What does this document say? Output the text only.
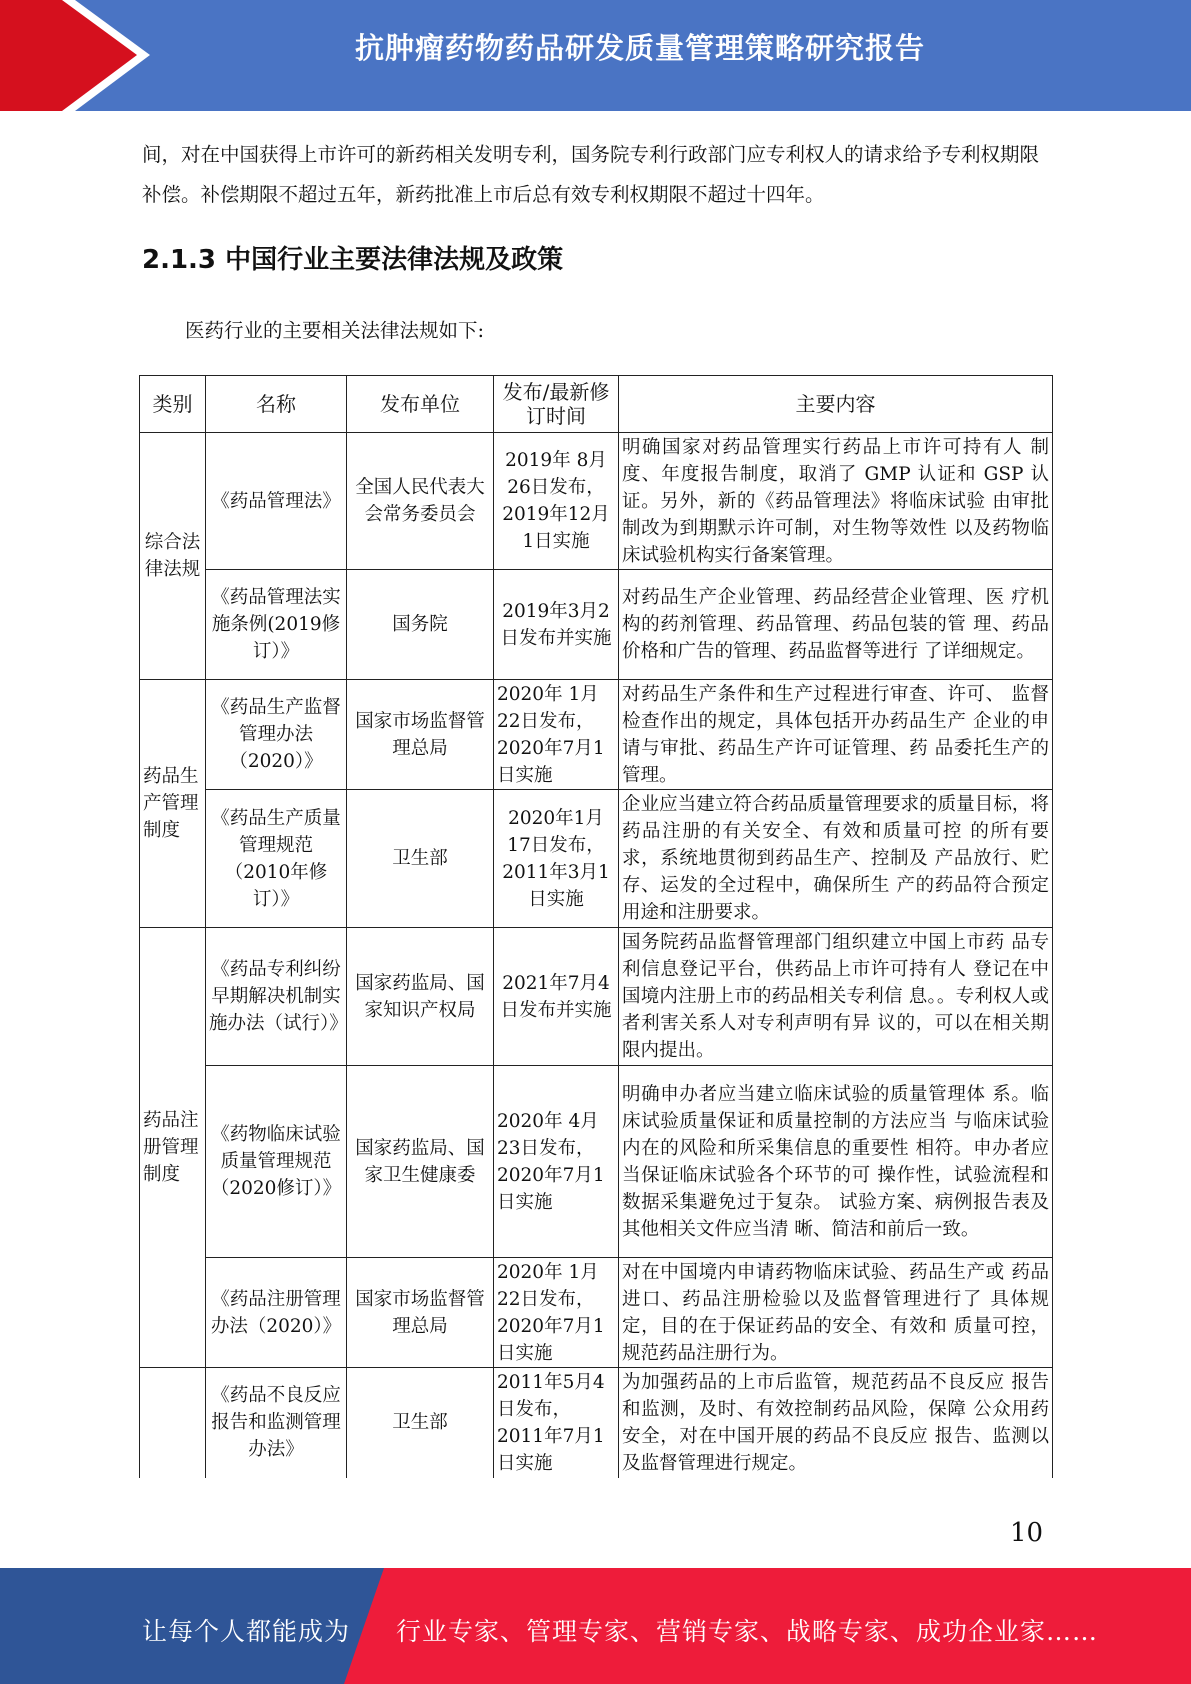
抗肿瘤药物药品研发质量管理策略研究报告
间，对在中国获得上市许可的新药相关发明专利，国务院专利行政部门应专利权人的请求给予专利权期限补偿。补偿期限不超过五年，新药批准上市后总有效专利权期限不超过十四年。
2.1.3 中国行业主要法律法规及政策
医药行业的主要相关法律法规如下:
类别	名称	发布单位	发布/最新修订时间	主要内容
综合法律法规	《药品管理法》	全国人民代表大会常务委员会	2019年 8月26日发布，2019年12月1日实施	明确国家对药品管理实行药品上市许可持有人 制度、年度报告制度，取消了 GMP 认证和 GSP 认证。另外，新的《药品管理法》将临床试验 由审批制改为到期默示许可制，对生物等效性 以及药物临床试验机构实行备案管理。
	《药品管理法实施条例(2019修订）》	国务院	2019年3月2日发布并实施	对药品生产企业管理、药品经营企业管理、医 疗机构的药剂管理、药品管理、药品包装的管 理、药品价格和广告的管理、药品监督等进行 了详细规定。
药品生产管理制度	《药品生产监督管理办法（2020）》	国家市场监督管理总局	2020年 1月22日发布，2020年7月1日实施	对药品生产条件和生产过程进行审查、许可、 监督检查作出的规定，具体包括开办药品生产 企业的申请与审批、药品生产许可证管理、药 品委托生产的管理。
	《药品生产质量管理规范（2010年修订）》	卫生部	2020年1月17日发布，2011年3月1日实施	企业应当建立符合药品质量管理要求的质量目标，将药品注册的有关安全、有效和质量可控 的所有要求，系统地贯彻到药品生产、控制及 产品放行、贮存、运发的全过程中，确保所生 产的药品符合预定用途和注册要求。
药品注册管理制度	《药品专利纠纷早期解决机制实施办法（试行）》	国家药监局、国家知识产权局	2021年7月4日发布并实施	国务院药品监督管理部门组织建立中国上市药 品专利信息登记平台，供药品上市许可持有人 登记在中国境内注册上市的药品相关专利信 息。。专利权人或者利害关系人对专利声明有异 议的，可以在相关期限内提出。
	《药物临床试验质量管理规范（2020修订）》	国家药监局、国家卫生健康委	2020年 4月23日发布，2020年7月1日实施	明确申办者应当建立临床试验的质量管理体 系。临床试验质量保证和质量控制的方法应当 与临床试验内在的风险和所采集信息的重要性 相符。申办者应当保证临床试验各个环节的可 操作性，试验流程和数据采集避免过于复杂。 试验方案、病例报告表及其他相关文件应当清 晰、简洁和前后一致。
	《药品注册管理办法（2020）》	国家市场监督管理总局	2020年 1月22日发布，2020年7月1日实施	对在中国境内申请药物临床试验、药品生产或 药品进口、药品注册检验以及监督管理进行了 具体规定，目的在于保证药品的安全、有效和 质量可控，规范药品注册行为。
	《药品不良反应报告和监测管理办法》	卫生部	2011年5月4日发布，2011年7月1日实施	为加强药品的上市后监管，规范药品不良反应 报告和监测，及时、有效控制药品风险，保障 公众用药安全，对在中国开展的药品不良反应 报告、监测以及监督管理进行规定。
10
让每个人都能成为 行业专家、管理专家、营销专家、战略专家、成功企业家……
